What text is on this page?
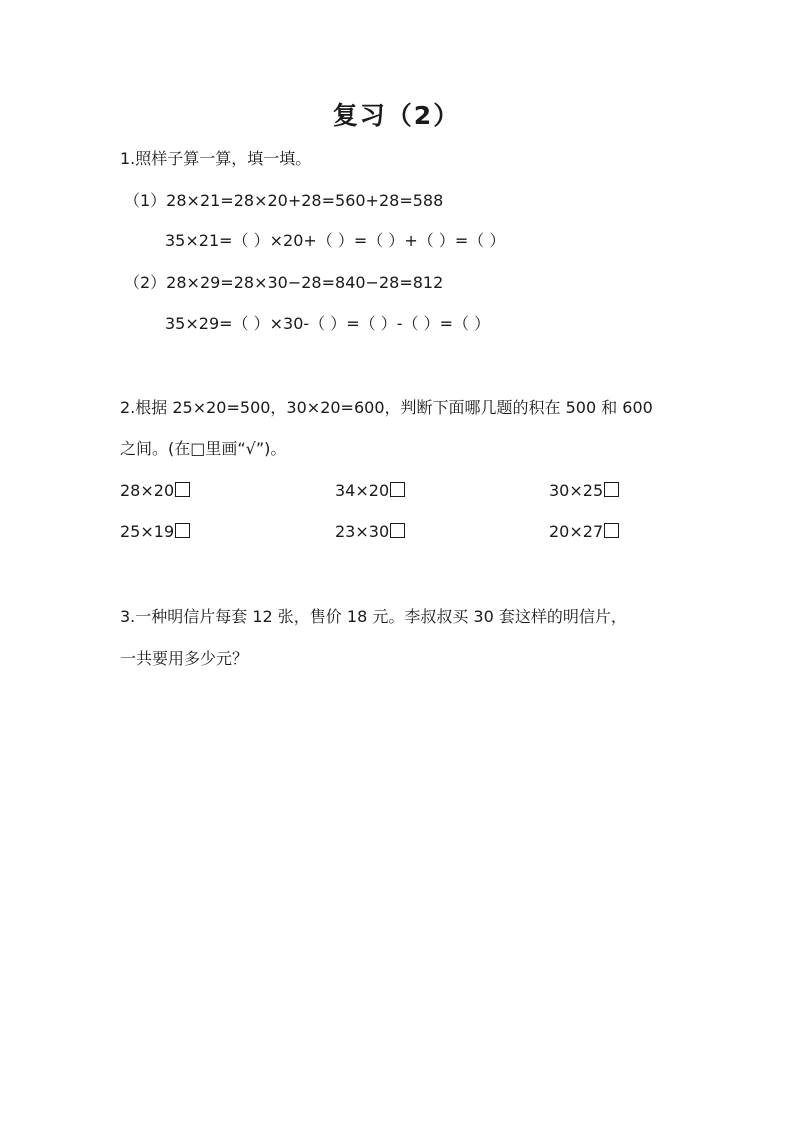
复习（2）
1.照样子算一算，填一填。
（1）28×21=28×20+28=560+28=588
35×21=（ ）×20+（ ）=（ ）+（ ）=（ ）
（2）28×29=28×30−28=840−28=812
35×29=（ ）×30-（ ）=（ ）-（ ）=（ ）
2.根据 25×20=500，30×20=600，判断下面哪几题的积在 500 和 600
之间。(在□里画“√”)。
28×20	34×20	30×25
25×19	23×30	20×27
3.一种明信片每套 12 张，售价 18 元。李叔叔买 30 套这样的明信片，
一共要用多少元？
